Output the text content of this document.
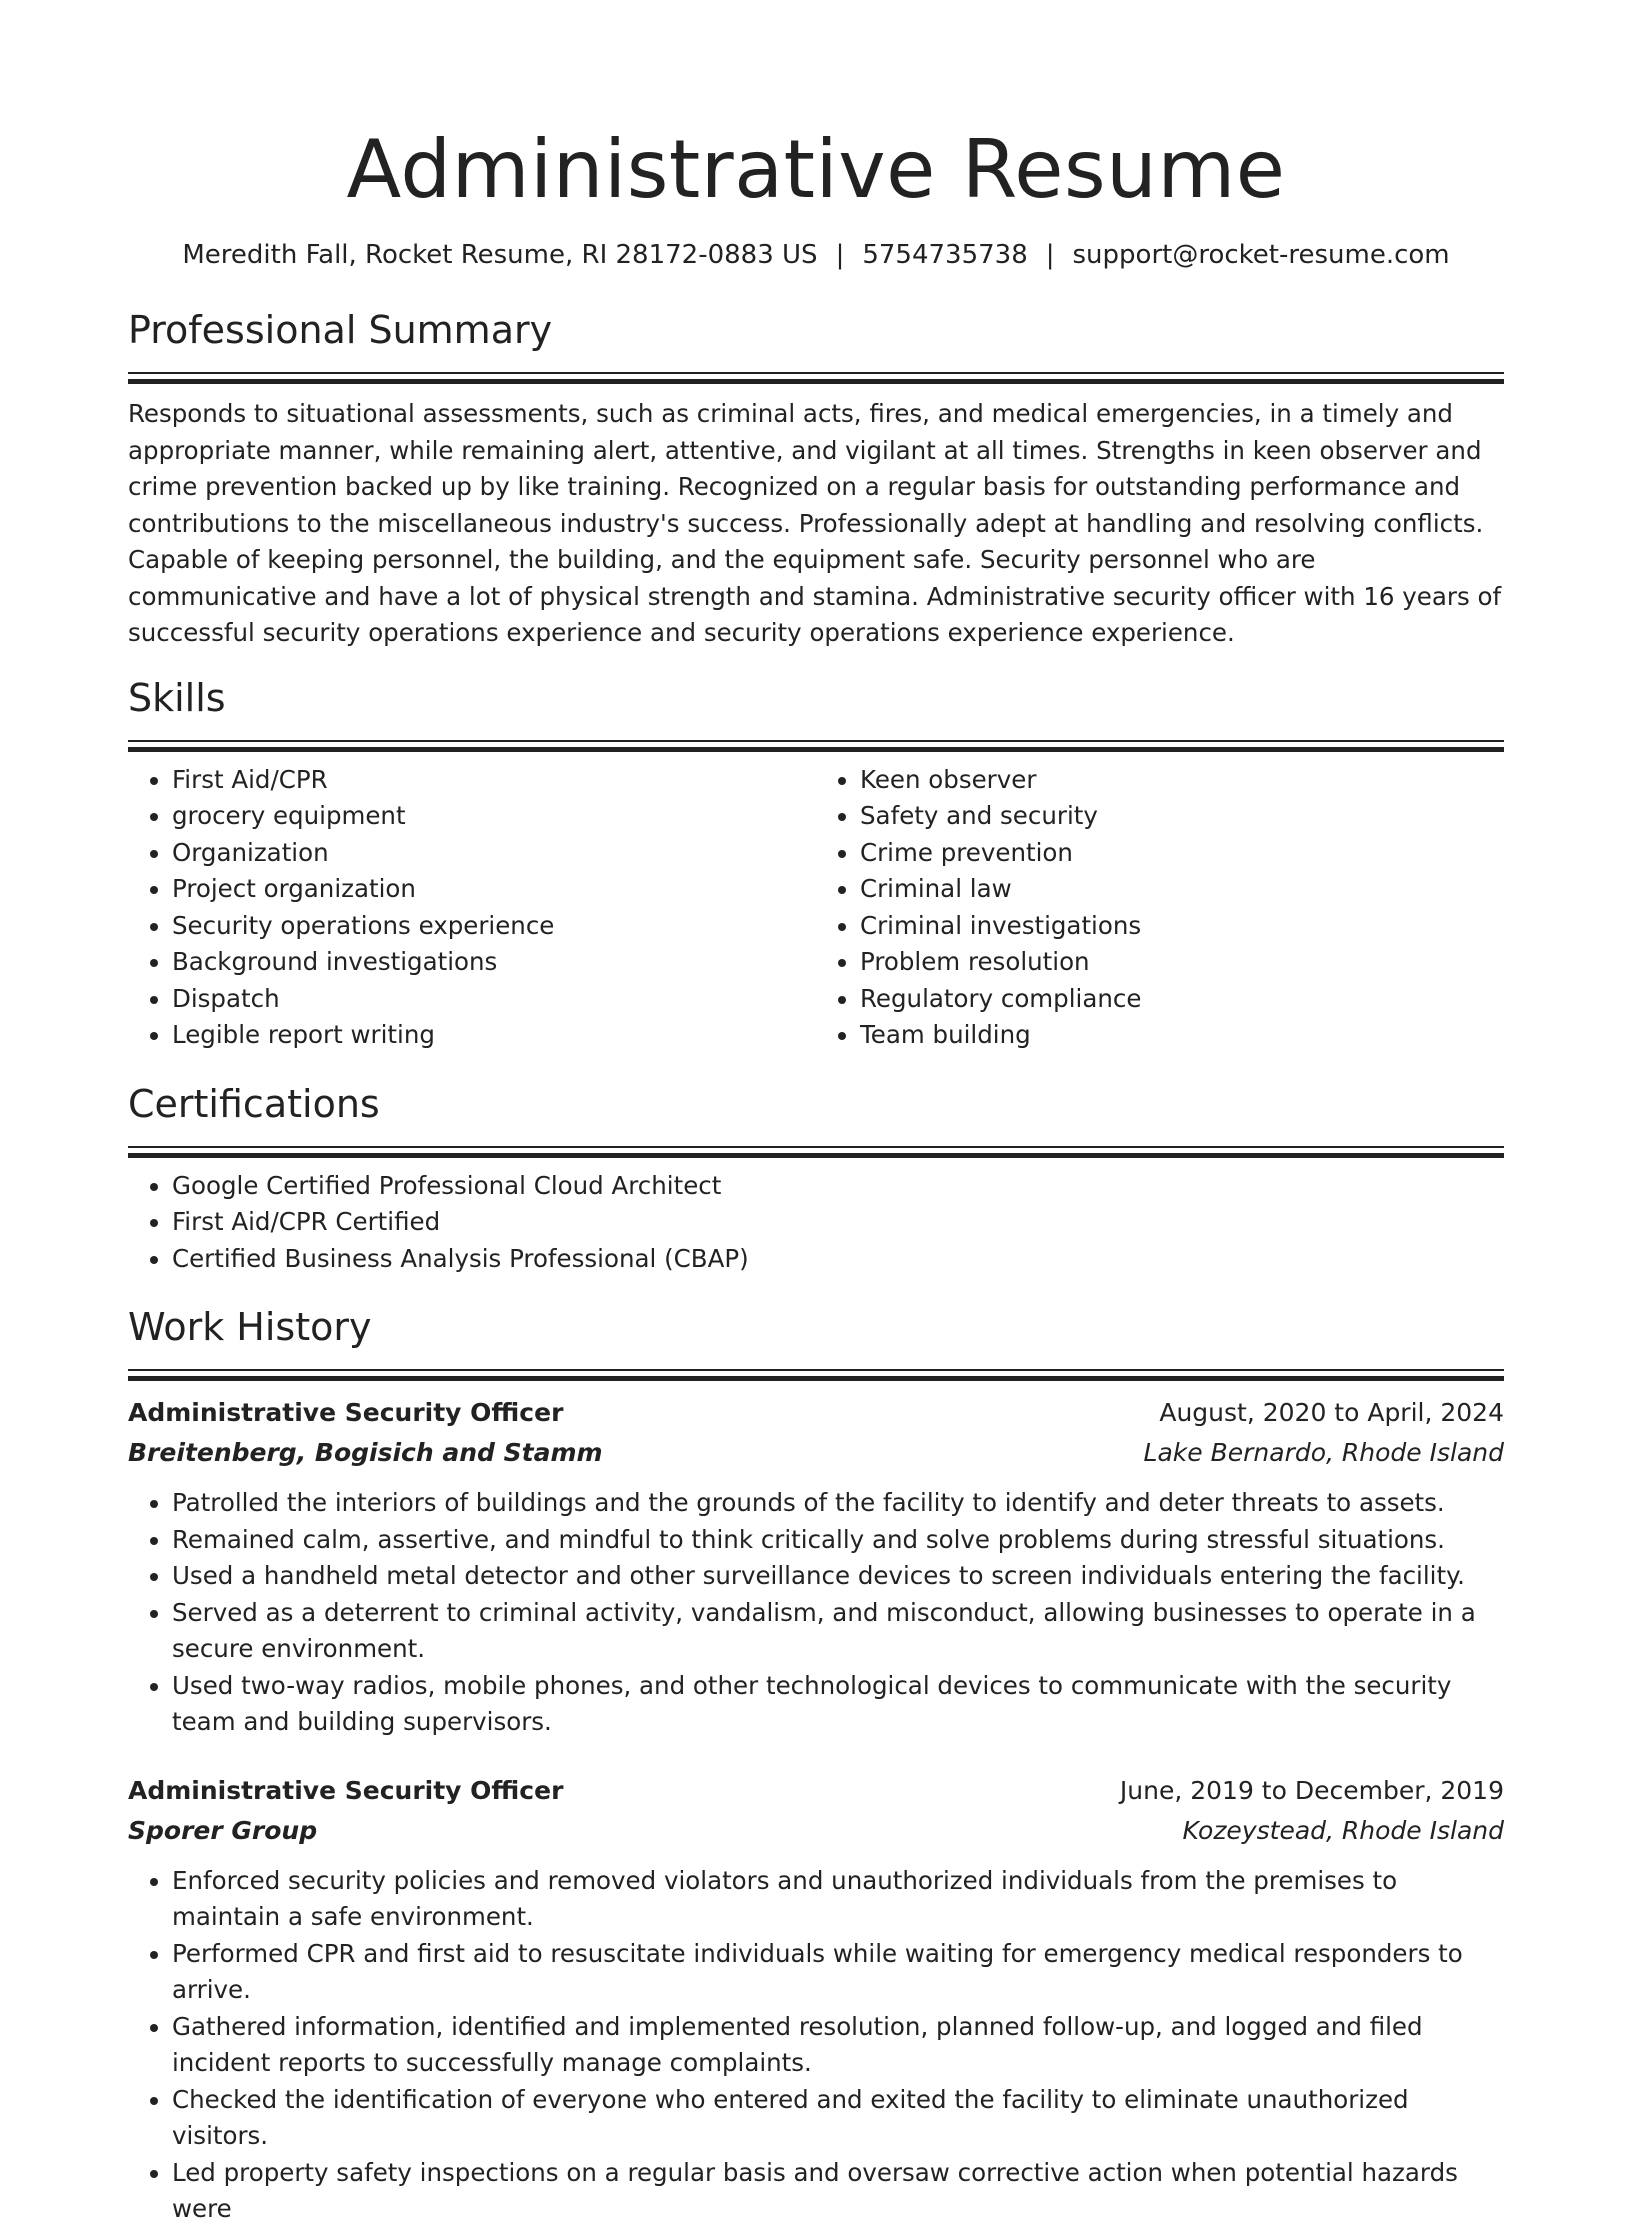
Administrative Resume
Meredith Fall, Rocket Resume, RI 28172-0883 US | 5754735738 | support@rocket-resume.com
Professional Summary

Responds to situational assessments, such as criminal acts, fires, and medical emergencies, in a timely and appropriate manner, while remaining alert, attentive, and vigilant at all times. Strengths in keen observer and crime prevention backed up by like training. Recognized on a regular basis for outstanding performance and contributions to the miscellaneous industry's success. Professionally adept at handling and resolving conflicts. Capable of keeping personnel, the building, and the equipment safe. Security personnel who are communicative and have a lot of physical strength and stamina. Administrative security officer with 16 years of successful security operations experience and security operations experience experience.

Skills
• First Aid/CPR
• grocery equipment
• Organization
• Project organization
• Security operations experience
• Background investigations
• Dispatch
• Legible report writing
• Keen observer
• Safety and security
• Crime prevention
• Criminal law
• Criminal investigations
• Problem resolution
• Regulatory compliance
• Team building
Certifications
• Google Certified Professional Cloud Architect
• First Aid/CPR Certified
• Certified Business Analysis Professional (CBAP)
Work History
Administrative Security Officer	August, 2020 to April, 2024
Breitenberg, Bogisich and Stamm	Lake Bernardo, Rhode Island
• Patrolled the interiors of buildings and the grounds of the facility to identify and deter threats to assets.
• Remained calm, assertive, and mindful to think critically and solve problems during stressful situations.
• Used a handheld metal detector and other surveillance devices to screen individuals entering the facility.
• Served as a deterrent to criminal activity, vandalism, and misconduct, allowing businesses to operate in a secure environment.
• Used two-way radios, mobile phones, and other technological devices to communicate with the security team and building supervisors.
Administrative Security Officer	June, 2019 to December, 2019
Sporer Group	Kozeystead, Rhode Island
• Enforced security policies and removed violators and unauthorized individuals from the premises to maintain a safe environment.
• Performed CPR and first aid to resuscitate individuals while waiting for emergency medical responders to arrive.
• Gathered information, identified and implemented resolution, planned follow-up, and logged and filed incident reports to successfully manage complaints.
• Checked the identification of everyone who entered and exited the facility to eliminate unauthorized visitors.
• Led property safety inspections on a regular basis and oversaw corrective action when potential hazards were
